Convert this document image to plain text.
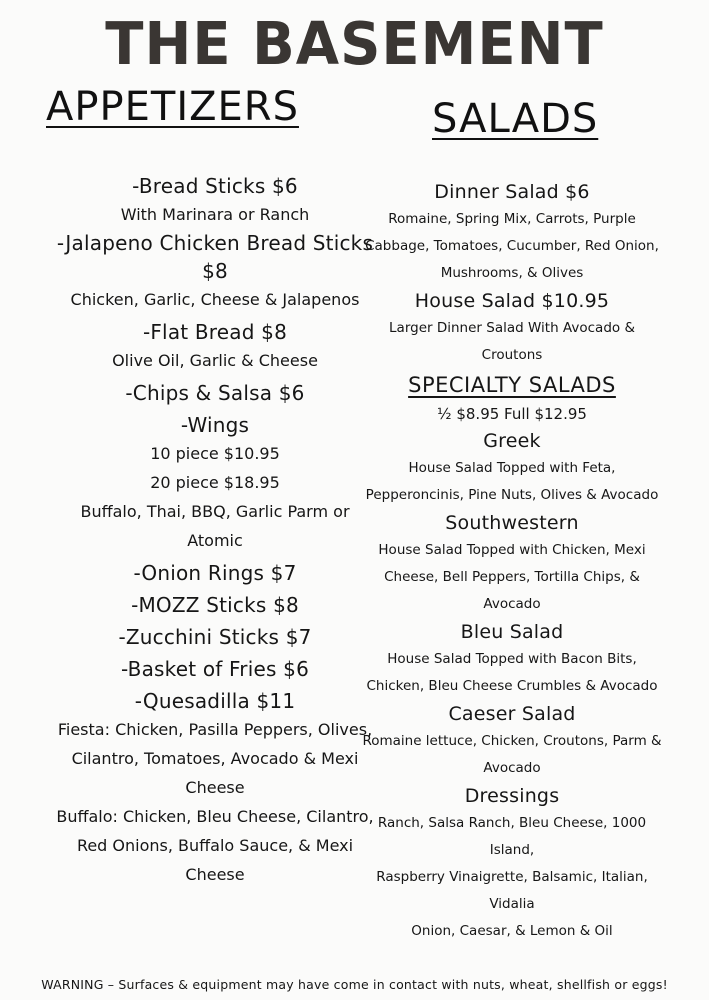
THE BASEMENT
APPETIZERS	SALADS
-Bread Sticks $6
With Marinara or Ranch
-Jalapeno Chicken Bread Sticks $8
Chicken, Garlic, Cheese & Jalapenos
-Flat Bread $8
Olive Oil, Garlic & Cheese
-Chips & Salsa $6
-Wings
10 piece $10.95
20 piece $18.95
Buffalo, Thai, BBQ, Garlic Parm or
Atomic
-Onion Rings $7
-MOZZ Sticks $8
-Zucchini Sticks $7
-Basket of Fries $6
-Quesadilla $11
Fiesta: Chicken, Pasilla Peppers, Olives,
Cilantro, Tomatoes, Avocado & Mexi
Cheese
Buffalo: Chicken, Bleu Cheese, Cilantro,
Red Onions, Buffalo Sauce, & Mexi
Cheese
Dinner Salad $6
Romaine, Spring Mix, Carrots, Purple
Cabbage, Tomatoes, Cucumber, Red Onion,
Mushrooms, & Olives
House Salad $10.95
Larger Dinner Salad With Avocado &
Croutons
SPECIALTY SALADS
½ $8.95 Full $12.95
Greek
House Salad Topped with Feta,
Pepperoncinis, Pine Nuts, Olives & Avocado
Southwestern
House Salad Topped with Chicken, Mexi
Cheese, Bell Peppers, Tortilla Chips, &
Avocado
Bleu Salad
House Salad Topped with Bacon Bits,
Chicken, Bleu Cheese Crumbles & Avocado
Caeser Salad
Romaine lettuce, Chicken, Croutons, Parm &
Avocado
Dressings
Ranch, Salsa Ranch, Bleu Cheese, 1000 Island,
Raspberry Vinaigrette, Balsamic, Italian, Vidalia
Onion, Caesar, & Lemon & Oil
WARNING – Surfaces & equipment may have come in contact with nuts, wheat, shellfish or eggs!
